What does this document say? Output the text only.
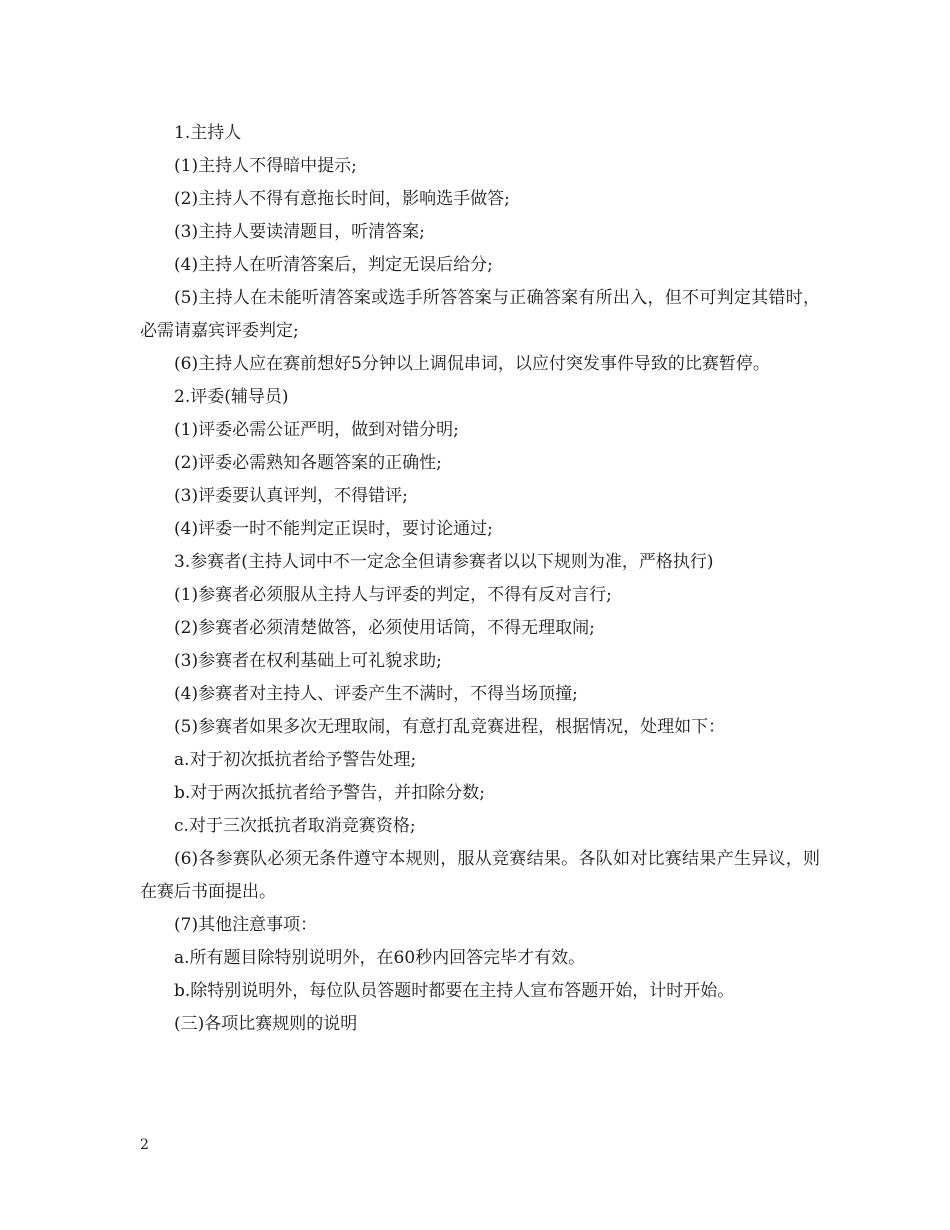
1.主持人

(1)主持人不得暗中提示;

(2)主持人不得有意拖长时间，影响选手做答;

(3)主持人要读清题目，听清答案;

(4)主持人在听清答案后，判定无误后给分;

(5)主持人在未能听清答案或选手所答答案与正确答案有所出入，但不可判定其错时，必需请嘉宾评委判定;

(6)主持人应在赛前想好5分钟以上调侃串词，以应付突发事件导致的比赛暂停。

2.评委(辅导员)

(1)评委必需公证严明，做到对错分明;

(2)评委必需熟知各题答案的正确性;

(3)评委要认真评判，不得错评;

(4)评委一时不能判定正误时，要讨论通过;

3.参赛者(主持人词中不一定念全但请参赛者以以下规则为准，严格执行)

(1)参赛者必须服从主持人与评委的判定，不得有反对言行;

(2)参赛者必须清楚做答，必须使用话筒，不得无理取闹;

(3)参赛者在权利基础上可礼貌求助;

(4)参赛者对主持人、评委产生不满时，不得当场顶撞;

(5)参赛者如果多次无理取闹，有意打乱竞赛进程，根据情况，处理如下：

a.对于初次抵抗者给予警告处理;

b.对于两次抵抗者给予警告，并扣除分数;

c.对于三次抵抗者取消竞赛资格;

(6)各参赛队必须无条件遵守本规则，服从竞赛结果。各队如对比赛结果产生异议，则在赛后书面提出。

(7)其他注意事项：

a.所有题目除特别说明外，在60秒内回答完毕才有效。

b.除特别说明外，每位队员答题时都要在主持人宣布答题开始，计时开始。

(三)各项比赛规则的说明

2
